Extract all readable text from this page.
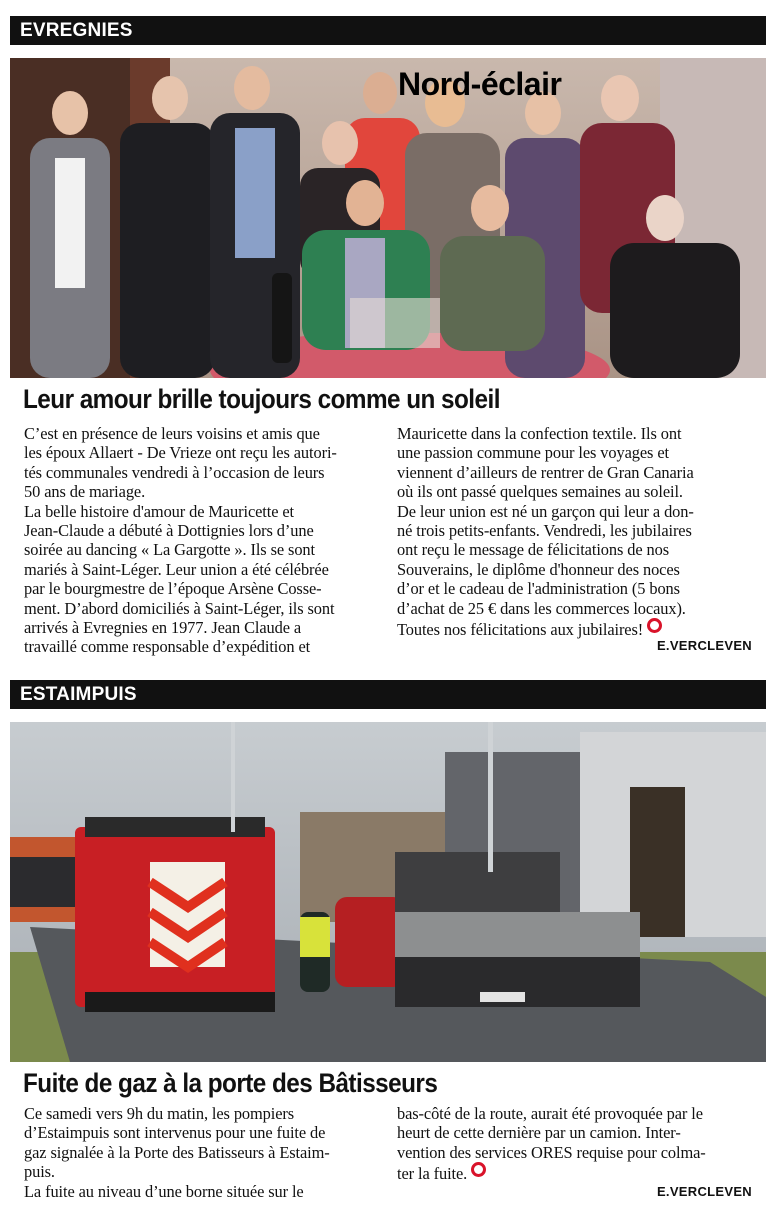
EVREGNIES
Nord-éclair
Leur amour brille toujours comme un soleil

C’est en présence de leurs voisins et amis que

les époux Allaert - De Vrieze ont reçu les autori-

tés communales vendredi à l’occasion de leurs

50 ans de mariage.

La belle histoire d'amour de Mauricette et

Jean-Claude a débuté à Dottignies lors d’une

soirée au dancing « La Gargotte ». Ils se sont

mariés à Saint-Léger. Leur union a été célébrée

par le bourgmestre de l’époque Arsène Cosse-

ment. D’abord domiciliés à Saint-Léger, ils sont

arrivés à Evregnies en 1977. Jean Claude a

travaillé comme responsable d’expédition et

Mauricette dans la confection textile. Ils ont

une passion commune pour les voyages et

viennent d’ailleurs de rentrer de Gran Canaria

où ils ont passé quelques semaines au soleil.

De leur union est né un garçon qui leur a don-

né trois petits-enfants. Vendredi, les jubilaires

ont reçu le message de félicitations de nos

Souverains, le diplôme d'honneur des noces

d’or et le cadeau de l'administration (5 bons

d’achat de 25 € dans les commerces locaux).

Toutes nos félicitations aux jubilaires!

E.VERCLEVEN
ESTAIMPUIS
Fuite de gaz à la porte des Bâtisseurs

Ce samedi vers 9h du matin, les pompiers

d’Estaimpuis sont intervenus pour une fuite de

gaz signalée à la Porte des Batisseurs à Estaim-

puis.

La fuite au niveau d’une borne située sur le

bas-côté de la route, aurait été provoquée par le

heurt de cette dernière par un camion. Inter-

vention des services ORES requise pour colma-

ter la fuite.

E.VERCLEVEN
